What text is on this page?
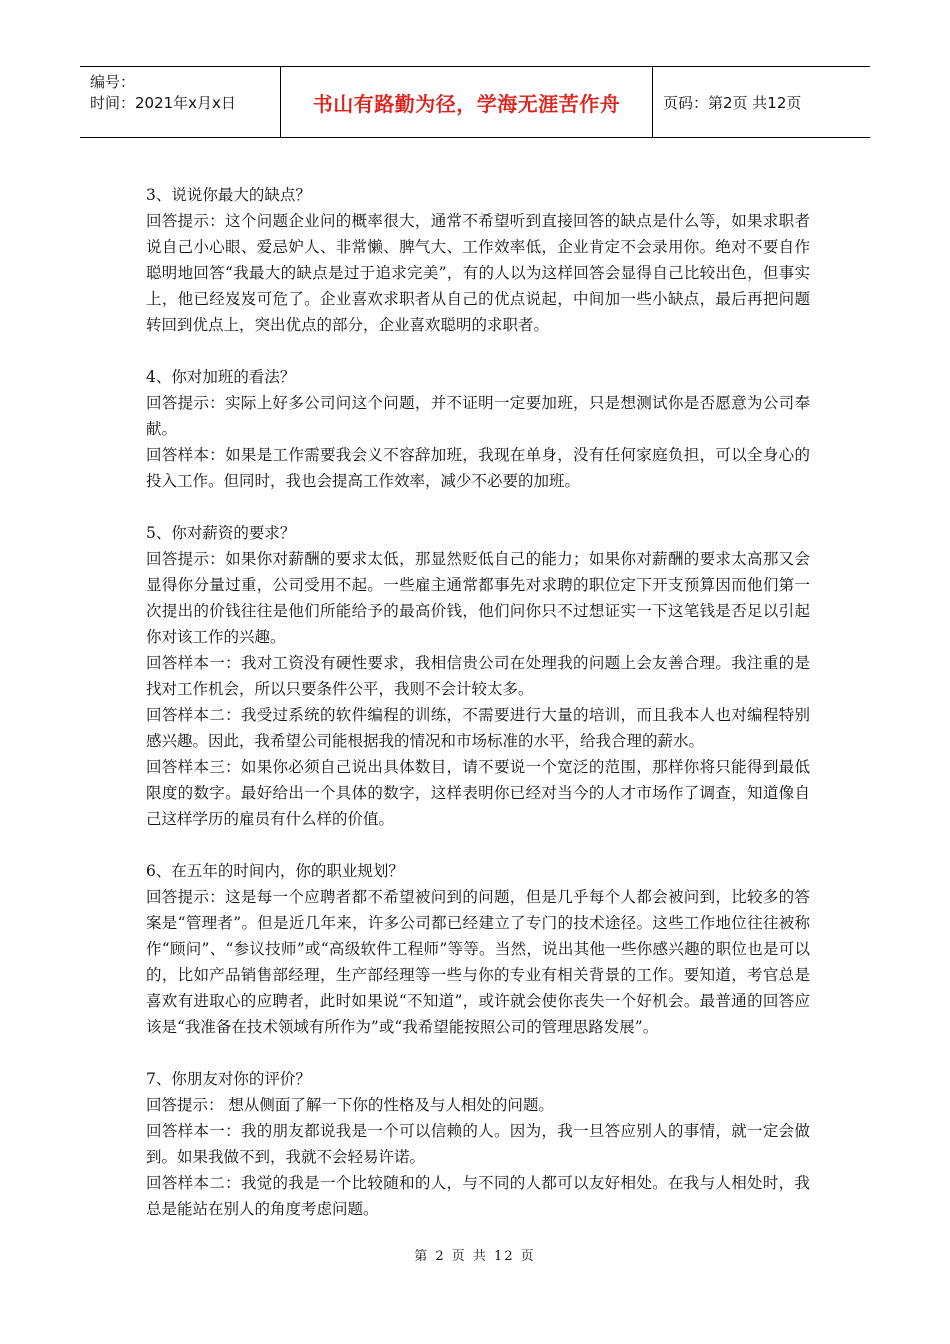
编号：
时间：2021年x月x日	书山有路勤为径，学海无涯苦作舟	页码：第2页 共12页

3、说说你最大的缺点？

回答提示：这个问题企业问的概率很大，通常不希望听到直接回答的缺点是什么等，如果求职者说自己小心眼、爱忌妒人、非常懒、脾气大、工作效率低，企业肯定不会录用你。绝对不要自作聪明地回答“我最大的缺点是过于追求完美”，有的人以为这样回答会显得自己比较出色，但事实上，他已经岌岌可危了。企业喜欢求职者从自己的优点说起，中间加一些小缺点，最后再把问题转回到优点上，突出优点的部分，企业喜欢聪明的求职者。

4、你对加班的看法？

回答提示：实际上好多公司问这个问题，并不证明一定要加班，只是想测试你是否愿意为公司奉献。

回答样本：如果是工作需要我会义不容辞加班，我现在单身，没有任何家庭负担，可以全身心的投入工作。但同时，我也会提高工作效率，减少不必要的加班。

5、你对薪资的要求？

回答提示：如果你对薪酬的要求太低，那显然贬低自己的能力；如果你对薪酬的要求太高那又会显得你分量过重，公司受用不起。一些雇主通常都事先对求聘的职位定下开支预算因而他们第一次提出的价钱往往是他们所能给予的最高价钱，他们问你只不过想证实一下这笔钱是否足以引起你对该工作的兴趣。

回答样本一：我对工资没有硬性要求，我相信贵公司在处理我的问题上会友善合理。我注重的是找对工作机会，所以只要条件公平，我则不会计较太多。

回答样本二：我受过系统的软件编程的训练，不需要进行大量的培训，而且我本人也对编程特别感兴趣。因此，我希望公司能根据我的情况和市场标准的水平，给我合理的薪水。

回答样本三：如果你必须自己说出具体数目，请不要说一个宽泛的范围，那样你将只能得到最低限度的数字。最好给出一个具体的数字，这样表明你已经对当今的人才市场作了调查，知道像自己这样学历的雇员有什么样的价值。

6、在五年的时间内，你的职业规划？

回答提示：这是每一个应聘者都不希望被问到的问题，但是几乎每个人都会被问到，比较多的答案是“管理者”。但是近几年来，许多公司都已经建立了专门的技术途径。这些工作地位往往被称作“顾问”、“参议技师”或“高级软件工程师”等等。当然，说出其他一些你感兴趣的职位也是可以的，比如产品销售部经理，生产部经理等一些与你的专业有相关背景的工作。要知道，考官总是喜欢有进取心的应聘者，此时如果说“不知道”，或许就会使你丧失一个好机会。最普通的回答应该是“我准备在技术领域有所作为”或“我希望能按照公司的管理思路发展”。

7、你朋友对你的评价？

回答提示： 想从侧面了解一下你的性格及与人相处的问题。

回答样本一：我的朋友都说我是一个可以信赖的人。因为，我一旦答应别人的事情，就一定会做到。如果我做不到，我就不会轻易许诺。

回答样本二：我觉的我是一个比较随和的人，与不同的人都可以友好相处。在我与人相处时，我总是能站在别人的角度考虑问题。

第 2 页 共 12 页
